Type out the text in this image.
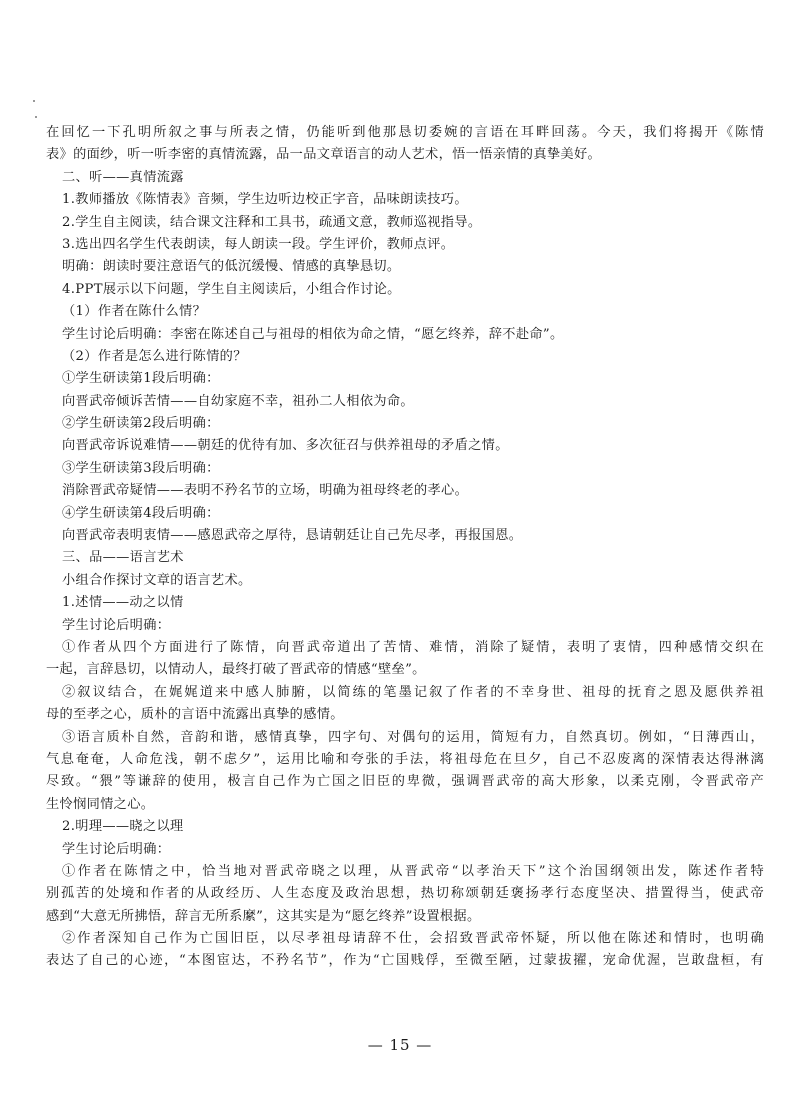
在回忆一下孔明所叙之事与所表之情，仍能听到他那恳切委婉的言语在耳畔回荡。今天，我们将揭开《陈情
表》的面纱，听一听李密的真情流露，品一品文章语言的动人艺术，悟一悟亲情的真挚美好。
二、听——真情流露
1.教师播放《陈情表》音频，学生边听边校正字音，品味朗读技巧。
2.学生自主阅读，结合课文注释和工具书，疏通文意，教师巡视指导。
3.选出四名学生代表朗读，每人朗读一段。学生评价，教师点评。
明确：朗读时要注意语气的低沉缓慢、情感的真挚恳切。
4.PPT展示以下问题，学生自主阅读后，小组合作讨论。
（1）作者在陈什么情？
学生讨论后明确：李密在陈述自己与祖母的相依为命之情，“愿乞终养，辞不赴命”。
（2）作者是怎么进行陈情的？
①学生研读第1段后明确：
向晋武帝倾诉苦情——自幼家庭不幸，祖孙二人相依为命。
②学生研读第2段后明确：
向晋武帝诉说难情——朝廷的优待有加、多次征召与供养祖母的矛盾之情。
③学生研读第3段后明确：
消除晋武帝疑情——表明不矜名节的立场，明确为祖母终老的孝心。
④学生研读第4段后明确：
向晋武帝表明衷情——感恩武帝之厚待，恳请朝廷让自己先尽孝，再报国恩。
三、品——语言艺术
小组合作探讨文章的语言艺术。
1.述情——动之以情
学生讨论后明确：
①作者从四个方面进行了陈情，向晋武帝道出了苦情、难情，消除了疑情，表明了衷情，四种感情交织在
一起，言辞恳切，以情动人，最终打破了晋武帝的情感“壁垒”。
②叙议结合，在娓娓道来中感人肺腑，以简练的笔墨记叙了作者的不幸身世、祖母的抚育之恩及愿供养祖
母的至孝之心，质朴的言语中流露出真挚的感情。
③语言质朴自然，音韵和谐，感情真挚，四字句、对偶句的运用，简短有力，自然真切。例如，“日薄西山，
气息奄奄，人命危浅，朝不虑夕”，运用比喻和夸张的手法，将祖母危在旦夕，自己不忍废离的深情表达得淋漓
尽致。“猥”等谦辞的使用，极言自己作为亡国之旧臣的卑微，强调晋武帝的高大形象，以柔克刚，令晋武帝产
生怜悯同情之心。
2.明理——晓之以理
学生讨论后明确：
①作者在陈情之中，恰当地对晋武帝晓之以理，从晋武帝“以孝治天下”这个治国纲领出发，陈述作者特
别孤苦的处境和作者的从政经历、人生态度及政治思想，热切称颂朝廷褒扬孝行态度坚决、措置得当，使武帝
感到“大意无所拂悟，辞言无所系縻”，这其实是为“愿乞终养”设置根据。
②作者深知自己作为亡国旧臣，以尽孝祖母请辞不仕，会招致晋武帝怀疑，所以他在陈述和情时，也明确
表达了自己的心迹，“本图宦达，不矜名节”，作为“亡国贱俘，至微至陋，过蒙拔擢，宠命优渥，岂敢盘桓，有
— 15 —
